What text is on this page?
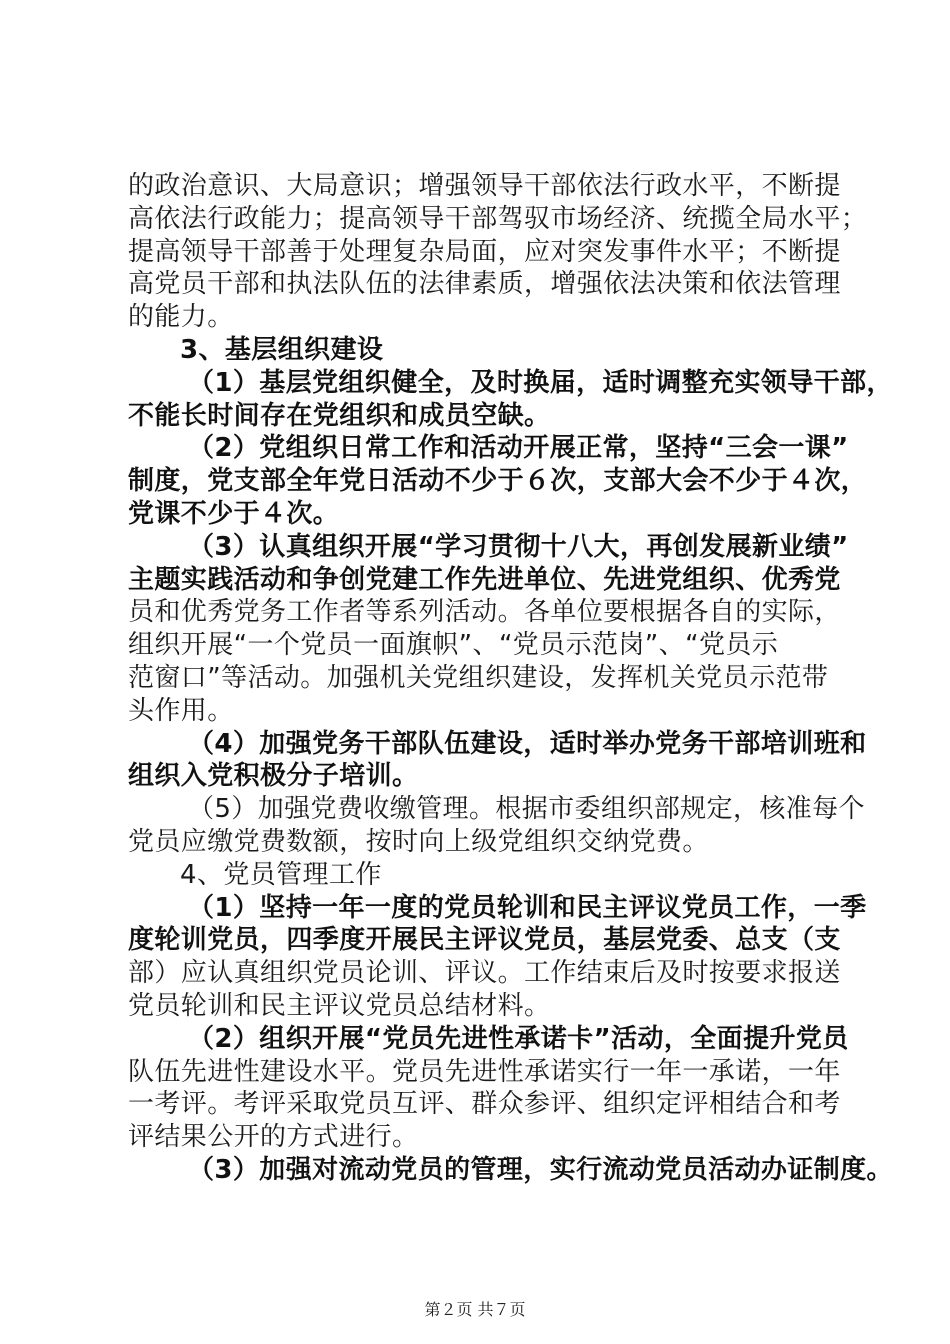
的政治意识、大局意识；增强领导干部依法行政水平，不断提
高依法行政能力；提高领导干部驾驭市场经济、统揽全局水平；
提高领导干部善于处理复杂局面，应对突发事件水平；不断提
高党员干部和执法队伍的法律素质，增强依法决策和依法管理
的能力。
3、基层组织建设
（1）基层党组织健全，及时换届，适时调整充实领导干部，
不能长时间存在党组织和成员空缺。
（2）党组织日常工作和活动开展正常，坚持“三会一课”
制度，党支部全年党日活动不少于６次，支部大会不少于４次，
党课不少于４次。
（3）认真组织开展“学习贯彻十八大，再创发展新业绩”
主题实践活动和争创党建工作先进单位、先进党组织、优秀党
员和优秀党务工作者等系列活动。各单位要根据各自的实际，
组织开展“一个党员一面旗帜”、“党员示范岗”、“党员示
范窗口”等活动。加强机关党组织建设，发挥机关党员示范带
头作用。
（4）加强党务干部队伍建设，适时举办党务干部培训班和
组织入党积极分子培训。
（5）加强党费收缴管理。根据市委组织部规定，核准每个
党员应缴党费数额，按时向上级党组织交纳党费。
4、党员管理工作
（1）坚持一年一度的党员轮训和民主评议党员工作，一季
度轮训党员，四季度开展民主评议党员，基层党委、总支（支
部）应认真组织党员论训、评议。工作结束后及时按要求报送
党员轮训和民主评议党员总结材料。
（2）组织开展“党员先进性承诺卡”活动，全面提升党员
队伍先进性建设水平。党员先进性承诺实行一年一承诺，一年
一考评。考评采取党员互评、群众参评、组织定评相结合和考
评结果公开的方式进行。
（3）加强对流动党员的管理，实行流动党员活动办证制度。
第２页 共７页
